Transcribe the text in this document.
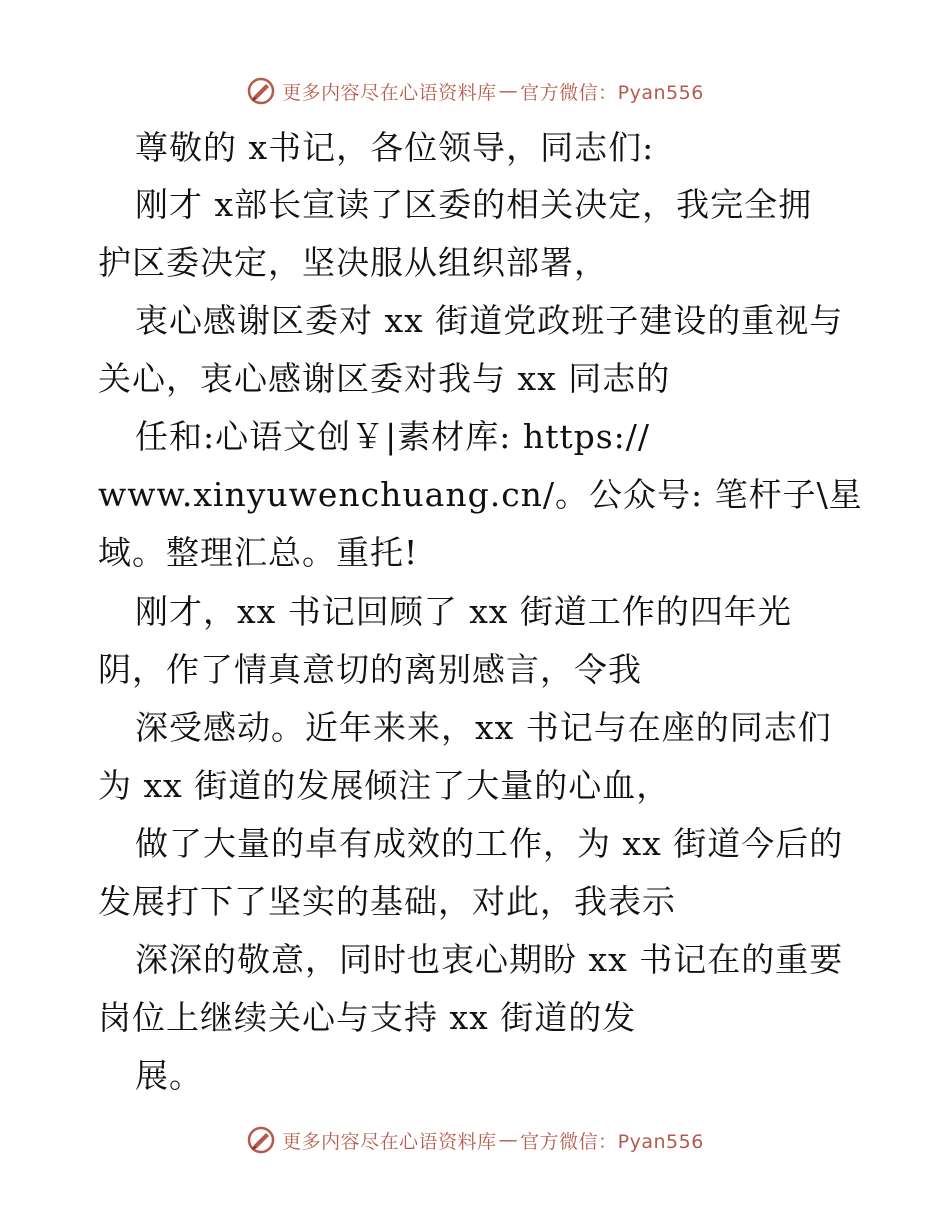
更多内容尽在心语资料库 — 官方微信：Pyan556
尊敬的 x书记，各位领导，同志们:
刚才 x部长宣读了区委的相关决定，我完全拥
护区委决定，坚决服从组织部署，
衷心感谢区委对 xx 街道党政班子建设的重视与
关心，衷心感谢区委对我与 xx 同志的
任和:心语文创￥|素材库: https://
www.xinyuwenchuang.cn/。公众号: 笔杆子\星
域。整理汇总。重托!
刚才，xx 书记回顾了 xx 街道工作的四年光
阴，作了情真意切的离别感言，令我
深受感动。近年来来，xx 书记与在座的同志们
为 xx 街道的发展倾注了大量的心血，
做了大量的卓有成效的工作，为 xx 街道今后的
发展打下了坚实的基础，对此，我表示
深深的敬意，同时也衷心期盼 xx 书记在的重要
岗位上继续关心与支持 xx 街道的发
展。
更多内容尽在心语资料库 — 官方微信：Pyan556
